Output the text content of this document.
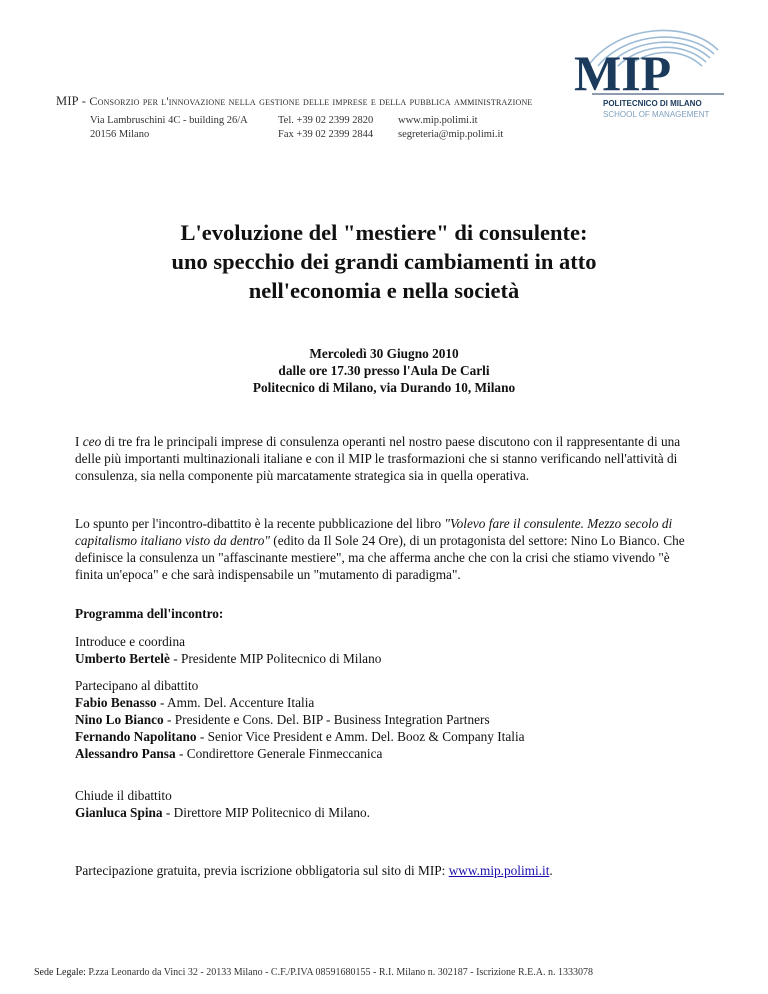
MIP - Consorzio per l'innovazione nella gestione delle imprese e della pubblica amministrazione
Via Lambruschini 4C - building 26/A
20156 Milano
Tel. +39 02 2399 2820
Fax +39 02 2399 2844
www.mip.polimi.it
segreteria@mip.polimi.it
MIP
POLITECNICO DI MILANO
SCHOOL OF MANAGEMENT
L'evoluzione del "mestiere" di consulente:
uno specchio dei grandi cambiamenti in atto
nell'economia e nella società
Mercoledì 30 Giugno 2010
dalle ore 17.30 presso l'Aula De Carli
Politecnico di Milano, via Durando 10, Milano

I ceo di tre fra le principali imprese di consulenza operanti nel nostro paese discutono con il rappresentante di una delle più importanti multinazionali italiane e con il MIP le trasformazioni che si stanno verificando nell'attività di consulenza, sia nella componente più marcatamente strategica sia in quella operativa.

Lo spunto per l'incontro-dibattito è la recente pubblicazione del libro "Volevo fare il consulente. Mezzo secolo di capitalismo italiano visto da dentro" (edito da Il Sole 24 Ore), di un protagonista del settore: Nino Lo Bianco. Che definisce la consulenza un "affascinante mestiere", ma che afferma anche che con la crisi che stiamo vivendo "è finita un'epoca" e che sarà indispensabile un "mutamento di paradigma".

Programma dell'incontro:
Introduce e coordina
Umberto Bertelè - Presidente MIP Politecnico di Milano
Partecipano al dibattito
Fabio Benasso - Amm. Del. Accenture Italia
Nino Lo Bianco - Presidente e Cons. Del. BIP - Business Integration Partners
Fernando Napolitano - Senior Vice President e Amm. Del. Booz & Company Italia
Alessandro Pansa - Condirettore Generale Finmeccanica
Chiude il dibattito
Gianluca Spina - Direttore MIP Politecnico di Milano.
Partecipazione gratuita, previa iscrizione obbligatoria sul sito di MIP: www.mip.polimi.it.
Sede Legale: P.zza Leonardo da Vinci 32 - 20133 Milano - C.F./P.IVA 08591680155 - R.I. Milano n. 302187 - Iscrizione R.E.A. n. 1333078
